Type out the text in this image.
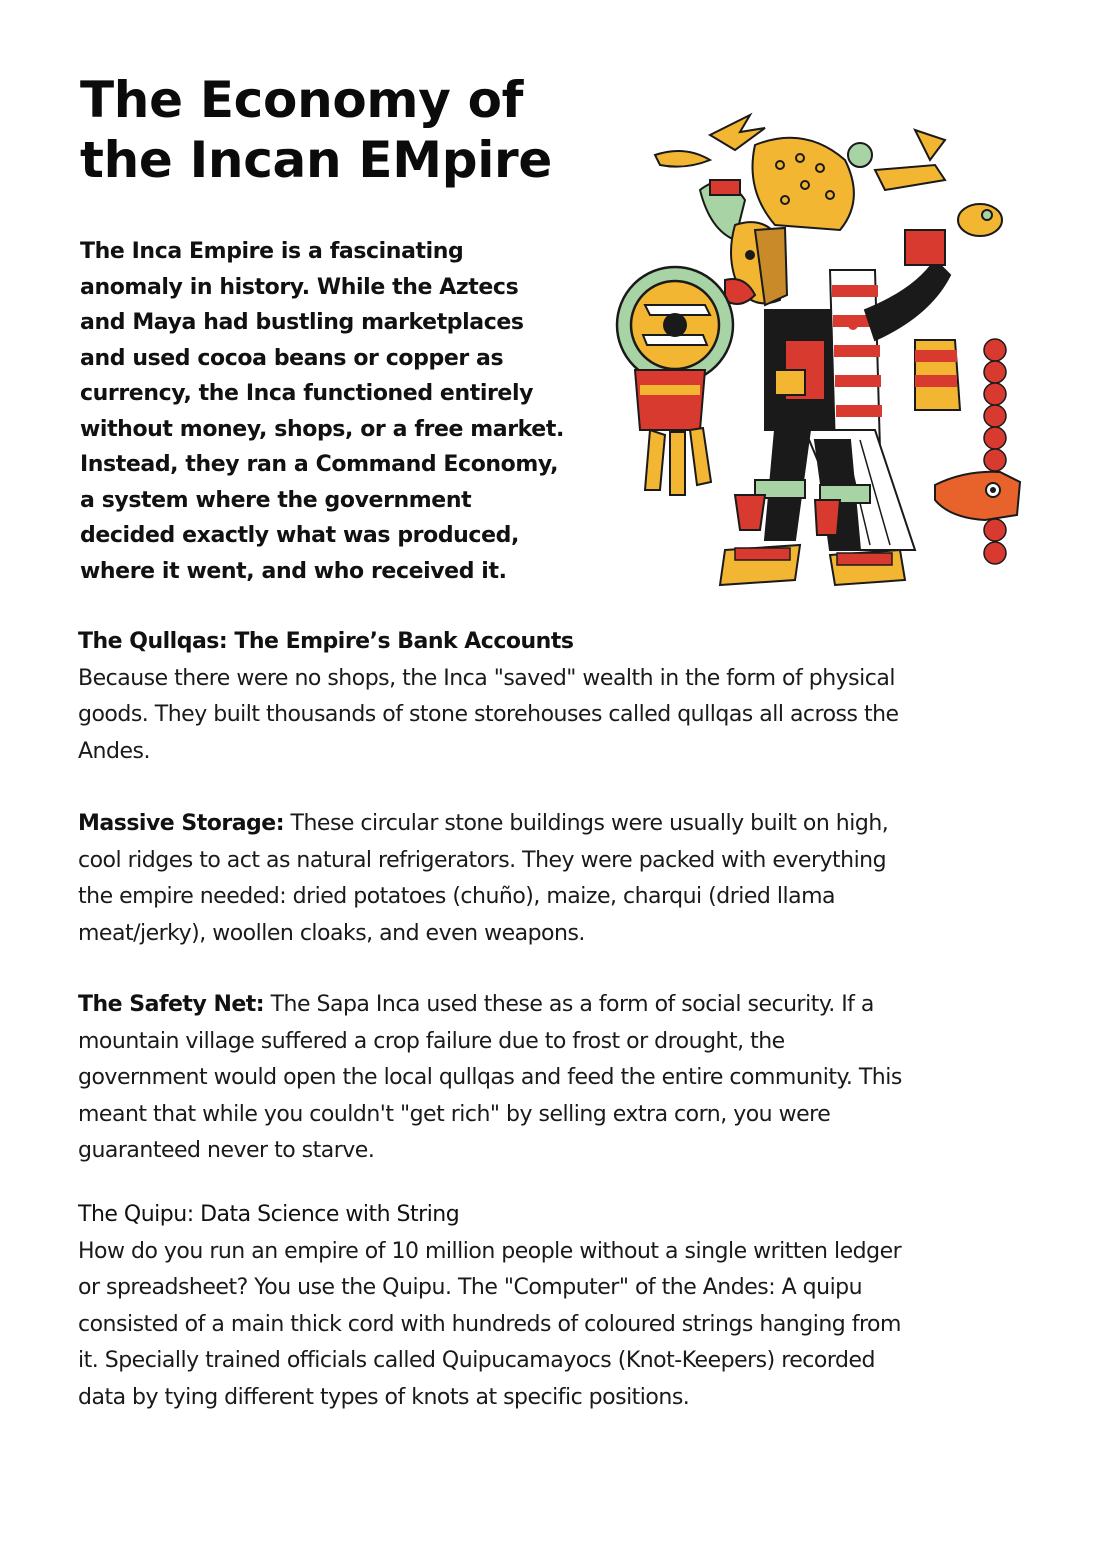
The Economy of
the Incan EMpire

The Inca Empire is a fascinating
anomaly in history. While the Aztecs
and Maya had bustling marketplaces
and used cocoa beans or copper as
currency, the Inca functioned entirely
without money, shops, or a free market.
Instead, they ran a Command Economy,
a system where the government
decided exactly what was produced,
where it went, and who received it.

The Qullqas: The Empire’s Bank Accounts
Because there were no shops, the Inca "saved" wealth in the form of physical
goods. They built thousands of stone storehouses called qullqas all across the
Andes.
Massive Storage: These circular stone buildings were usually built on high,
cool ridges to act as natural refrigerators. They were packed with everything
the empire needed: dried potatoes (chuño), maize, charqui (dried llama
meat/jerky), woollen cloaks, and even weapons.
The Safety Net: The Sapa Inca used these as a form of social security. If a
mountain village suffered a crop failure due to frost or drought, the
government would open the local qullqas and feed the entire community. This
meant that while you couldn't "get rich" by selling extra corn, you were
guaranteed never to starve.
The Quipu: Data Science with String
How do you run an empire of 10 million people without a single written ledger
or spreadsheet? You use the Quipu. The "Computer" of the Andes: A quipu
consisted of a main thick cord with hundreds of coloured strings hanging from
it. Specially trained officials called Quipucamayocs (Knot-Keepers) recorded
data by tying different types of knots at specific positions.
